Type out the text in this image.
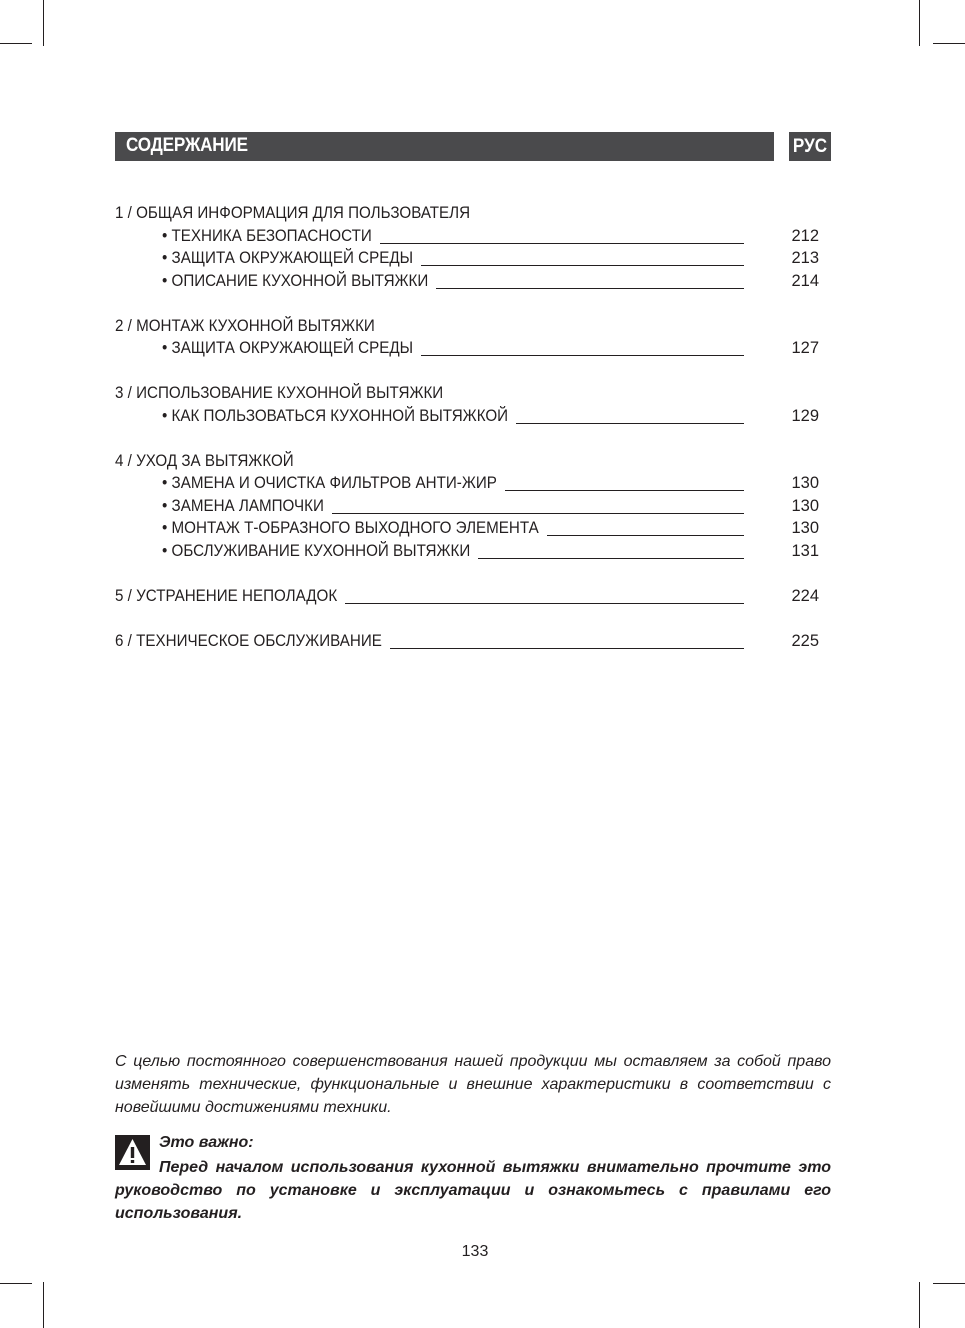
СОДЕРЖАНИЕ	РУС
1 / ОБЩАЯ ИНФОРМАЦИЯ ДЛЯ ПОЛЬЗОВАТЕЛЯ
• ТЕХНИКА БЕЗОПАСНОСТИ	212
• ЗАЩИТА ОКРУЖАЮЩЕЙ СРЕДЫ	213
• ОПИСАНИЕ КУХОННОЙ ВЫТЯЖКИ	214
2 / МОНТАЖ КУХОННОЙ ВЫТЯЖКИ
• ЗАЩИТА ОКРУЖАЮЩЕЙ СРЕДЫ	127
3 / ИСПОЛЬЗОВАНИЕ КУХОННОЙ ВЫТЯЖКИ
• КАК ПОЛЬЗОВАТЬСЯ КУХОННОЙ ВЫТЯЖКОЙ	129
4 / УХОД ЗА ВЫТЯЖКОЙ
• ЗАМЕНА И ОЧИСТКА ФИЛЬТРОВ АНТИ-ЖИР	130
• ЗАМЕНА ЛАМПОЧКИ	130
• МОНТАЖ Т-ОБРАЗНОГО ВЫХОДНОГО ЭЛЕМЕНТА	130
• ОБСЛУЖИВАНИЕ КУХОННОЙ ВЫТЯЖКИ	131
5 / УСТРАНЕНИЕ НЕПОЛАДОК	224
6 / ТЕХНИЧЕСКОЕ ОБСЛУЖИВАНИЕ	225
С целью постоянного совершенствования нашей продукции мы оставляем за собой право изменять технические, функциональные и внешние характеристики в соответствии с новейшими достижениями техники.
Это важно:
Перед началом использования кухонной вытяжки внимательно прочтите это руководство по установке и эксплуатации и ознакомьтесь с правилами его использования.
133
